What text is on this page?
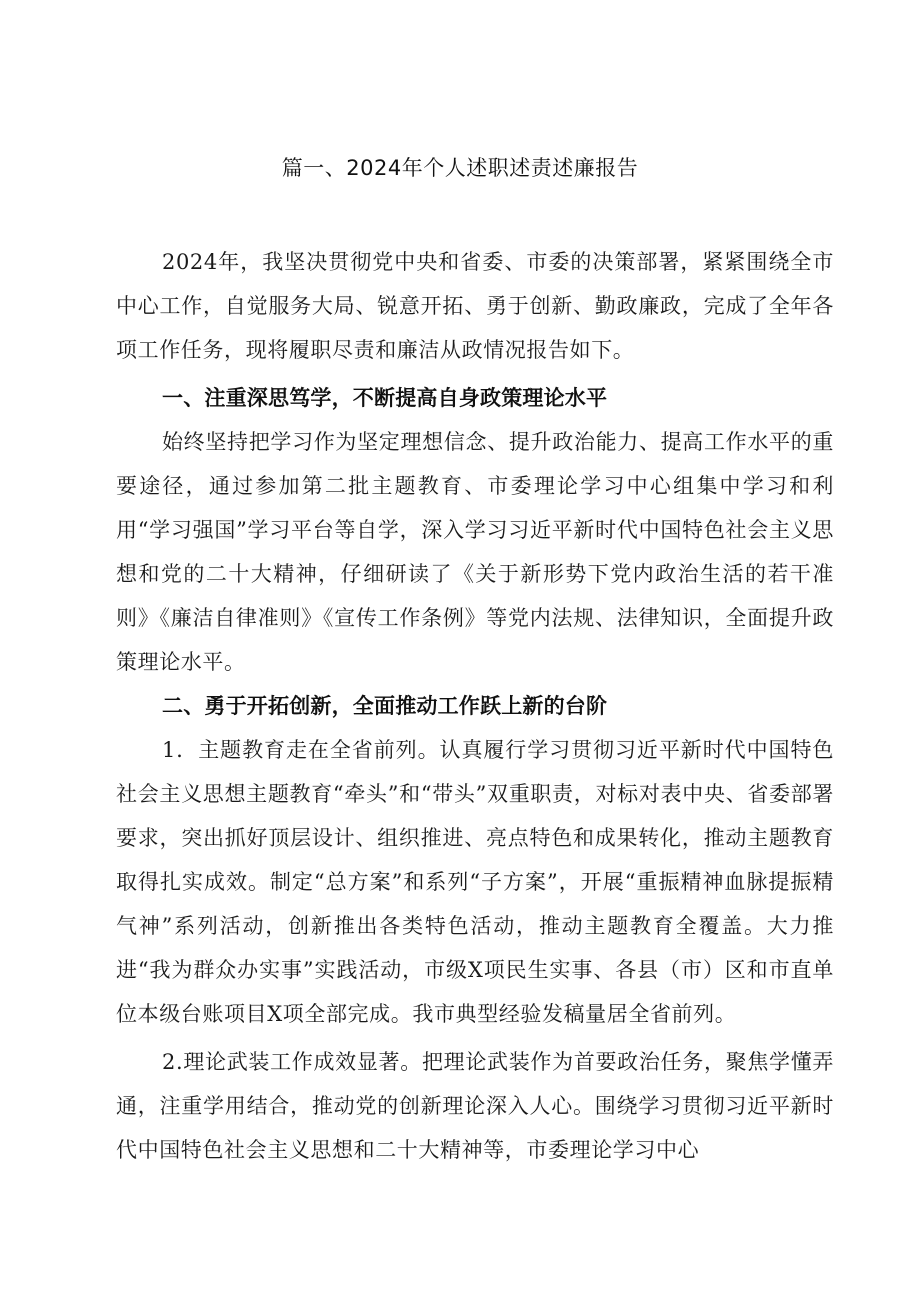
篇一、2024年个人述职述责述廉报告

2024年，我坚决贯彻党中央和省委、市委的决策部署，紧紧围绕全市中心工作，自觉服务大局、锐意开拓、勇于创新、勤政廉政，完成了全年各项工作任务，现将履职尽责和廉洁从政情况报告如下。

一、注重深思笃学，不断提高自身政策理论水平

始终坚持把学习作为坚定理想信念、提升政治能力、提高工作水平的重要途径，通过参加第二批主题教育、市委理论学习中心组集中学习和利用“学习强国”学习平台等自学，深入学习习近平新时代中国特色社会主义思想和党的二十大精神，仔细研读了《关于新形势下党内政治生活的若干准则》《廉洁自律准则》《宣传工作条例》等党内法规、法律知识，全面提升政策理论水平。

二、勇于开拓创新，全面推动工作跃上新的台阶

1．主题教育走在全省前列。认真履行学习贯彻习近平新时代中国特色社会主义思想主题教育“牵头”和“带头”双重职责，对标对表中央、省委部署要求，突出抓好顶层设计、组织推进、亮点特色和成果转化，推动主题教育取得扎实成效。制定“总方案”和系列“子方案”，开展“重振精神血脉提振精气神”系列活动，创新推出各类特色活动，推动主题教育全覆盖。大力推进“我为群众办实事”实践活动，市级X项民生实事、各县（市）区和市直单位本级台账项目X项全部完成。我市典型经验发稿量居全省前列。

2.理论武装工作成效显著。把理论武装作为首要政治任务，聚焦学懂弄通，注重学用结合，推动党的创新理论深入人心。围绕学习贯彻习近平新时代中国特色社会主义思想和二十大精神等，市委理论学习中心
